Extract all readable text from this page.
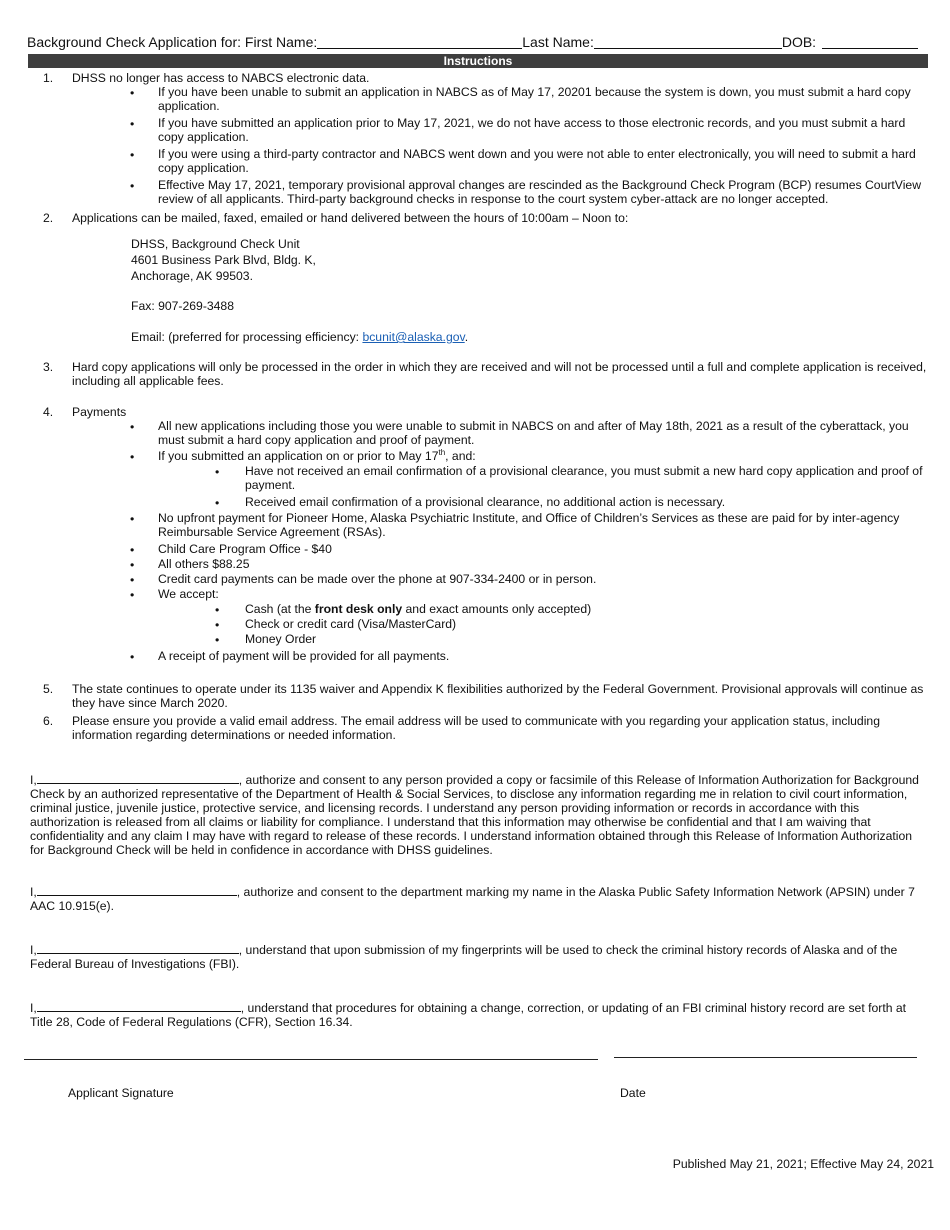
Background Check Application for: First Name:	Last Name:	DOB:
Instructions
1. DHSS no longer has access to NABCS electronic data.
• If you have been unable to submit an application in NABCS as of May 17, 20201 because the system is down, you must submit a hard copy application.
• If you have submitted an application prior to May 17, 2021, we do not have access to those electronic records, and you must submit a hard copy application.
• If you were using a third-party contractor and NABCS went down and you were not able to enter electronically, you will need to submit a hard copy application.
• Effective May 17, 2021, temporary provisional approval changes are rescinded as the Background Check Program (BCP) resumes CourtView review of all applicants. Third-party background checks in response to the court system cyber-attack are no longer accepted.
2. Applications can be mailed, faxed, emailed or hand delivered between the hours of 10:00am – Noon to:
DHSS, Background Check Unit
4601 Business Park Blvd, Bldg. K,
Anchorage, AK 99503.
Fax: 907-269-3488
Email: (preferred for processing efficiency: bcunit@alaska.gov.
3. Hard copy applications will only be processed in the order in which they are received and will not be processed until a full and complete application is received, including all applicable fees.
4. Payments
• All new applications including those you were unable to submit in NABCS on and after of May 18th, 2021 as a result of the cyberattack, you must submit a hard copy application and proof of payment.
• If you submitted an application on or prior to May 17th, and:
• Have not received an email confirmation of a provisional clearance, you must submit a new hard copy application and proof of payment.
• Received email confirmation of a provisional clearance, no additional action is necessary.
• No upfront payment for Pioneer Home, Alaska Psychiatric Institute, and Office of Children’s Services as these are paid for by inter-agency Reimbursable Service Agreement (RSAs).
• Child Care Program Office - $40
• All others $88.25
• Credit card payments can be made over the phone at 907-334-2400 or in person.
• We accept:
• Cash (at the front desk only and exact amounts only accepted)
• Check or credit card (Visa/MasterCard)
• Money Order
• A receipt of payment will be provided for all payments.
5. The state continues to operate under its 1135 waiver and Appendix K flexibilities authorized by the Federal Government. Provisional approvals will continue as they have since March 2020.
6. Please ensure you provide a valid email address. The email address will be used to communicate with you regarding your application status, including information regarding determinations or needed information.
I,	, authorize and consent to any person provided a copy or facsimile of this Release of Information Authorization for Background Check by an authorized representative of the Department of Health & Social Services, to disclose any information regarding me in relation to civil court information, criminal justice, juvenile justice, protective service, and licensing records. I understand any person providing information or records in accordance with this authorization is released from all claims or liability for compliance. I understand that this information may otherwise be confidential and that I am waiving that confidentiality and any claim I may have with regard to release of these records. I understand information obtained through this Release of Information Authorization for Background Check will be held in confidence in accordance with DHSS guidelines.
I,	, authorize and consent to the department marking my name in the Alaska Public Safety Information Network (APSIN) under 7 AAC 10.915(e).
I,	, understand that upon submission of my fingerprints will be used to check the criminal history records of Alaska and of the Federal Bureau of Investigations (FBI).
I,	, understand that procedures for obtaining a change, correction, or updating of an FBI criminal history record are set forth at Title 28, Code of Federal Regulations (CFR), Section 16.34.
Applicant Signature	Date
Published May 21, 2021; Effective May 24, 2021
